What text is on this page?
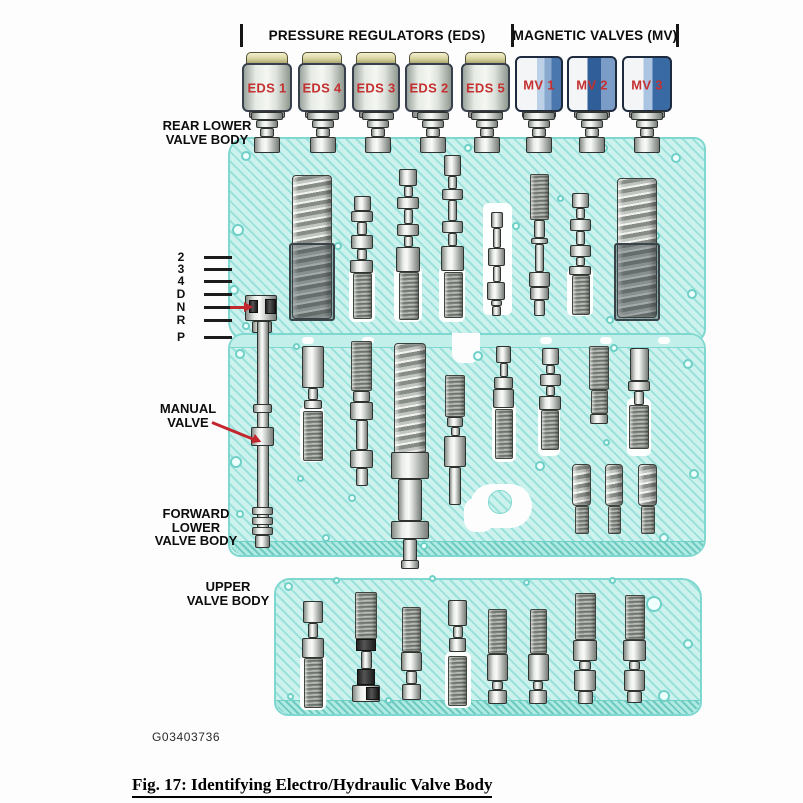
PRESSURE REGULATORS (EDS)	MAGNETIC VALVES (MV)
EDS 1 EDS 4 EDS 3 EDS 2 EDS 5	MV 1	MV 2	MV 3
2
3
4
D
N
R
P
REAR LOWER
VALVE BODY
MANUAL
VALVE
FORWARD
LOWER
VALVE BODY
UPPER
VALVE BODY
G03403736
Fig. 17: Identifying Electro/Hydraulic Valve Body
